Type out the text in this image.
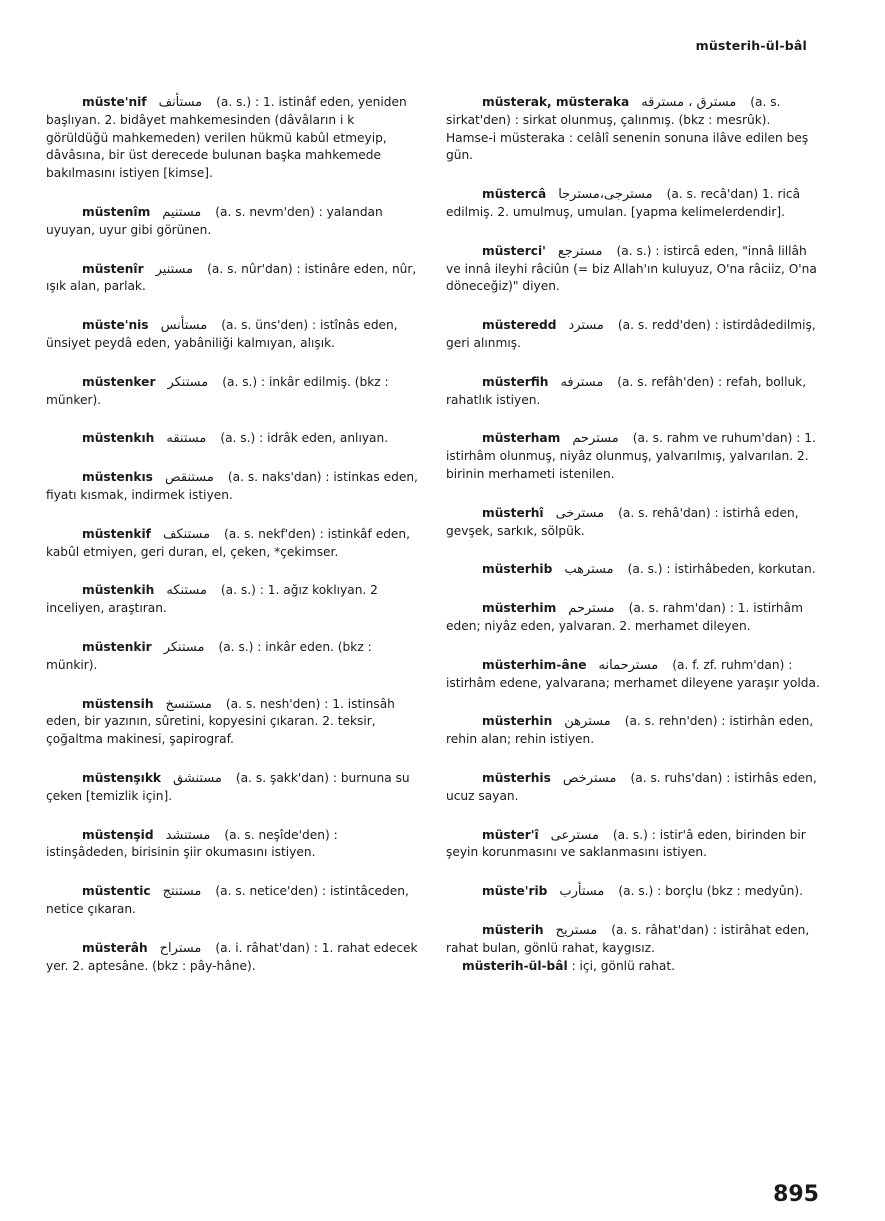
müsterih-ül-bâl
müste'nif مستأنف (a. s.) : 1. istinâf eden, yeniden başlıyan. 2. bidâyet mahkemesinden (dâvâların i k görüldüğü mahkemeden) verilen hükmü kabûl etmeyip, dâvâsına, bir üst derecede bulunan başka mahkemede bakılmasını istiyen [kimse].
müstenîm مستنيم (a. s. nevm'den) : yalandan uyuyan, uyur gibi görünen.
müstenîr مستنير (a. s. nûr'dan) : istinâre eden, nûr, ışık alan, parlak.
müste'nis مستأنس (a. s. üns'den) : istînâs eden, ünsiyet peydâ eden, yabâniliği kalmıyan, alışık.
müstenker مستنكر (a. s.) : inkâr edilmiş. (bkz : münker).
müstenkıh مستنقه (a. s.) : idrâk eden, anlıyan.
müstenkıs مستنقص (a. s. naks'dan) : istinkas eden, fiyatı kısmak, indirmek istiyen.
müstenkif مستنكف (a. s. nekf'den) : istinkâf eden, kabûl etmiyen, geri duran, el, çeken, *çekimser.
müstenkih مستنكه (a. s.) : 1. ağız koklıyan. 2 inceliyen, araştıran.
müstenkir مستنكر (a. s.) : inkâr eden. (bkz : münkir).
müstensih مستنسخ (a. s. nesh'den) : 1. istinsâh eden, bir yazının, sûretini, kopyesini çıkaran. 2. teksir, çoğaltma makinesi, şapirograf.
müstenşıkk مستنشق (a. s. şakk'dan) : burnuna su çeken [temizlik için].
müstenşid مستنشد (a. s. neşîde'den) : istinşâdeden, birisinin şiir okumasını istiyen.
müstentic مستنتج (a. s. netice'den) : istintâceden, netice çıkaran.
müsterâh مستراح (a. i. râhat'dan) : 1. rahat edecek yer. 2. aptesâne. (bkz : pây-hâne).
müsterak, müsteraka مسترق ، مسترقه (a. s. sirkat'den) : sirkat olunmuş, çalınmış. (bkz : mesrûk). Hamse-i müsteraka : celâlî senenin sonuna ilâve edilen beş gün.
müstercâ مسترجى،مسترجا (a. s. recâ'dan) 1. ricâ edilmiş. 2. umulmuş, umulan. [yapma kelimelerdendir].
müsterci' مسترجع (a. s.) : istircâ eden, "innâ lillâh ve innâ ileyhi râciûn (= biz Allah'ın kuluyuz, O'na râciiz, O'na döneceğiz)" diyen.
müsteredd مسترد (a. s. redd'den) : istirdâdedilmiş, geri alınmış.
müsterfih مسترفه (a. s. refâh'den) : refah, bolluk, rahatlık istiyen.
müsterham مسترحم (a. s. rahm ve ruhum'dan) : 1. istirhâm olunmuş, niyâz olunmuş, yalvarılmış, yalvarılan. 2. birinin merhameti istenilen.
müsterhî مسترخى (a. s. rehâ'dan) : istirhâ eden, gevşek, sarkık, sölpük.
müsterhib مسترهب (a. s.) : istirhâbeden, korkutan.
müsterhim مسترحم (a. s. rahm'dan) : 1. istirhâm eden; niyâz eden, yalvaran. 2. merhamet dileyen.
müsterhim-âne مسترحمانه (a. f. zf. ruhm'dan) : istirhâm edene, yalvarana; merhamet dileyene yaraşır yolda.
müsterhin مسترهن (a. s. rehn'den) : istirhân eden, rehin alan; rehin istiyen.
müsterhis مسترخص (a. s. ruhs'dan) : istirhâs eden, ucuz sayan.
müster'î مسترعى (a. s.) : istir'â eden, birinden bir şeyin korunmasını ve saklanmasını istiyen.
müste'rib مستأرب (a. s.) : borçlu (bkz : medyûn).
müsterih مستريح (a. s. râhat'dan) : istirâhat eden, rahat bulan, gönlü rahat, kaygısız.
müsterih-ül-bâl : içi, gönlü rahat.
895
